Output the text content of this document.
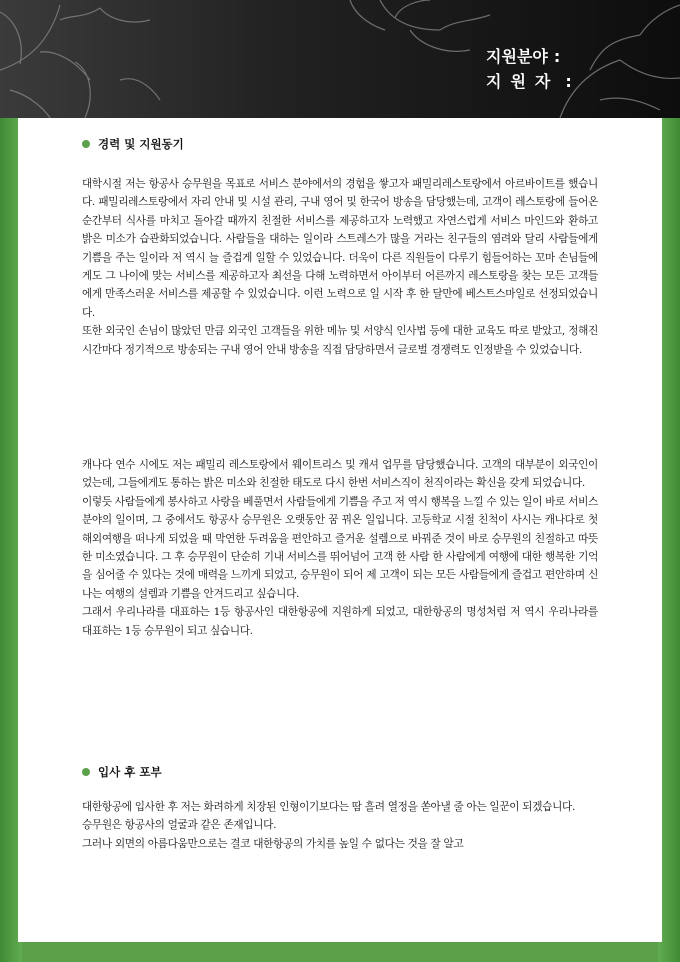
지원분야 :
지원자 :
경력 및 지원동기

대학시절 저는 항공사 승무원을 목표로 서비스 분야에서의 경험을 쌓고자 패밀리레스토랑에서 아르바이트를 했습니다. 패밀리레스토랑에서 자리 안내 및 시설 관리, 구내 영어 및 한국어 방송을 담당했는데, 고객이 레스토랑에 들어온 순간부터 식사를 마치고 돌아갈 때까지 친절한 서비스를 제공하고자 노력했고 자연스럽게 서비스 마인드와 환하고 밝은 미소가 습관화되었습니다. 사람들을 대하는 일이라 스트레스가 많을 거라는 친구들의 염려와 달리 사람들에게 기쁨을 주는 일이라 저 역시 늘 즐겁게 일할 수 있었습니다. 더욱이 다른 직원들이 다루기 힘들어하는 꼬마 손님들에게도 그 나이에 맞는 서비스를 제공하고자 최선을 다해 노력하면서 아이부터 어른까지 레스토랑을 찾는 모든 고객들에게 만족스러운 서비스를 제공할 수 있었습니다. 이런 노력으로 일 시작 후 한 달만에 베스트스마일로 선정되었습니다.

또한 외국인 손님이 많았던 만큼 외국인 고객들을 위한 메뉴 및 서양식 인사법 등에 대한 교육도 따로 받았고, 정해진 시간마다 정기적으로 방송되는 구내 영어 안내 방송을 직접 담당하면서 글로벌 경쟁력도 인정받을 수 있었습니다.

캐나다 연수 시에도 저는 패밀리 레스토랑에서 웨이트리스 및 캐셔 업무를 담당했습니다. 고객의 대부분이 외국인이었는데, 그들에게도 통하는 밝은 미소와 친절한 태도로 다시 한번 서비스직이 천직이라는 확신을 갖게 되었습니다.

이렇듯 사람들에게 봉사하고 사랑을 베풀면서 사람들에게 기쁨을 주고 저 역시 행복을 느낄 수 있는 일이 바로 서비스 분야의 일이며, 그 중에서도 항공사 승무원은 오랫동안 꿈 꿔온 일입니다. 고등학교 시절 친척이 사시는 캐나다로 첫 해외여행을 떠나게 되었을 때 막연한 두려움을 편안하고 즐거운 설렘으로 바꿔준 것이 바로 승무원의 친절하고 따뜻한 미소였습니다. 그 후 승무원이 단순히 기내 서비스를 뛰어넘어 고객 한 사람 한 사람에게 여행에 대한 행복한 기억을 심어줄 수 있다는 것에 매력을 느끼게 되었고, 승무원이 되어 제 고객이 되는 모든 사람들에게 즐겁고 편안하며 신나는 여행의 설렘과 기쁨을 안겨드리고 싶습니다.

그래서 우리나라를 대표하는 1등 항공사인 대한항공에 지원하게 되었고, 대한항공의 명성처럼 저 역시 우리나라를 대표하는 1등 승무원이 되고 싶습니다.

입사 후 포부

대한항공에 입사한 후 저는 화려하게 치장된 인형이기보다는 땀 흘려 열정을 쏟아낼 줄 아는 일꾼이 되겠습니다.

승무원은 항공사의 얼굴과 같은 존재입니다.

그러나 외면의 아름다움만으로는 결코 대한항공의 가치를 높일 수 없다는 것을 잘 알고
